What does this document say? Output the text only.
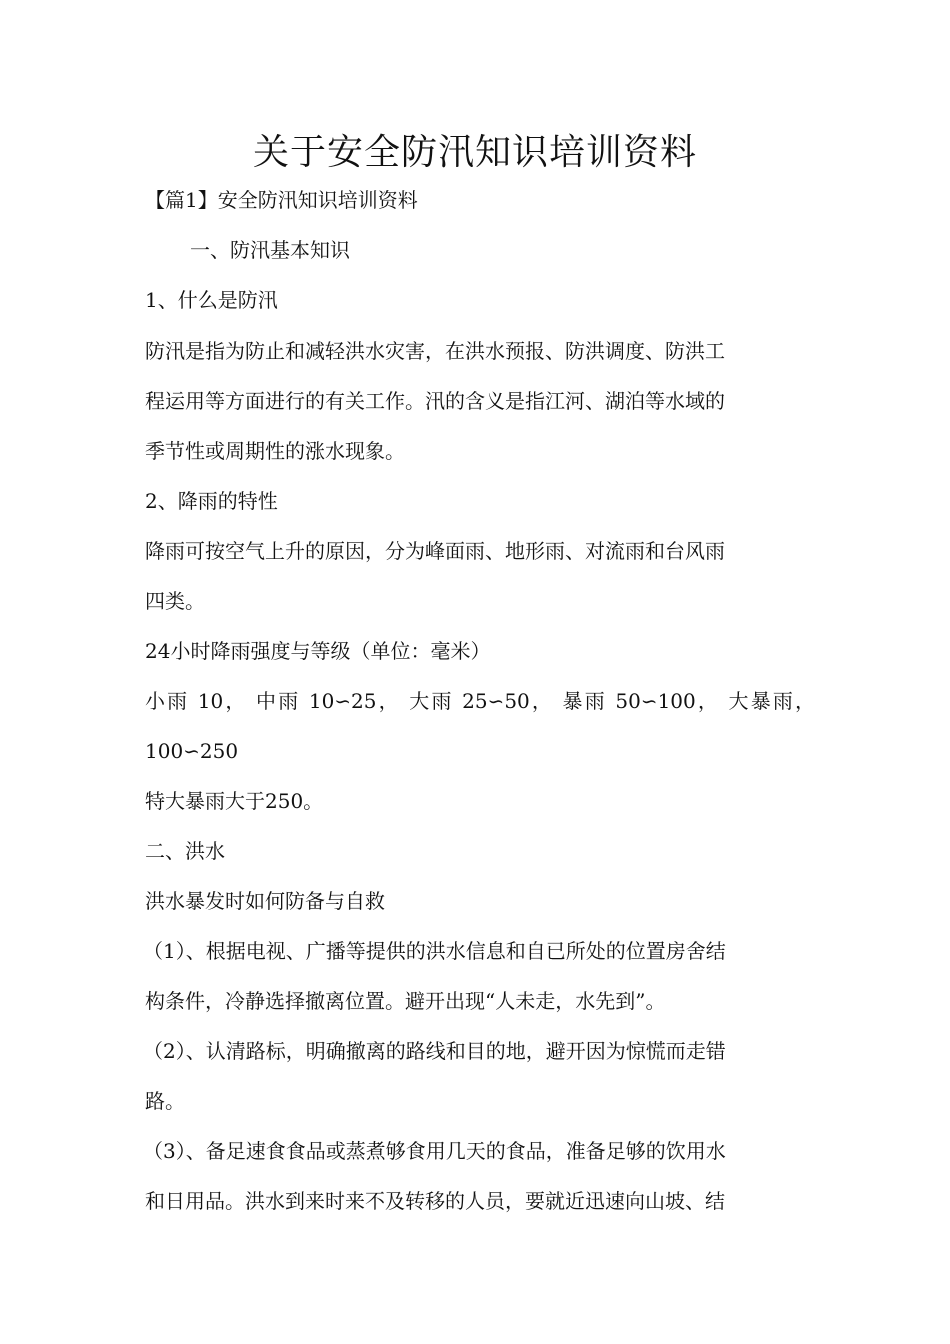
关于安全防汛知识培训资料

【篇1】安全防汛知识培训资料

一、防汛基本知识

1、什么是防汛

防汛是指为防止和减轻洪水灾害，在洪水预报、防洪调度、防洪工

程运用等方面进行的有关工作。汛的含义是指江河、湖泊等水域的

季节性或周期性的涨水现象。

2、降雨的特性

降雨可按空气上升的原因，分为峰面雨、地形雨、对流雨和台风雨

四类。

24小时降雨强度与等级（单位：毫米）

小雨 10， 中雨 10∽25， 大雨 25∽50， 暴雨 50∽100， 大暴雨，

100∽250

特大暴雨大于250。

二、洪水

洪水暴发时如何防备与自救

（1）、根据电视、广播等提供的洪水信息和自已所处的位置房舍结

构条件，冷静选择撤离位置。避开出现“人未走，水先到”。

（2）、认清路标，明确撤离的路线和目的地，避开因为惊慌而走错

路。

（3）、备足速食食品或蒸煮够食用几天的食品，准备足够的饮用水

和日用品。洪水到来时来不及转移的人员，要就近迅速向山坡、结
